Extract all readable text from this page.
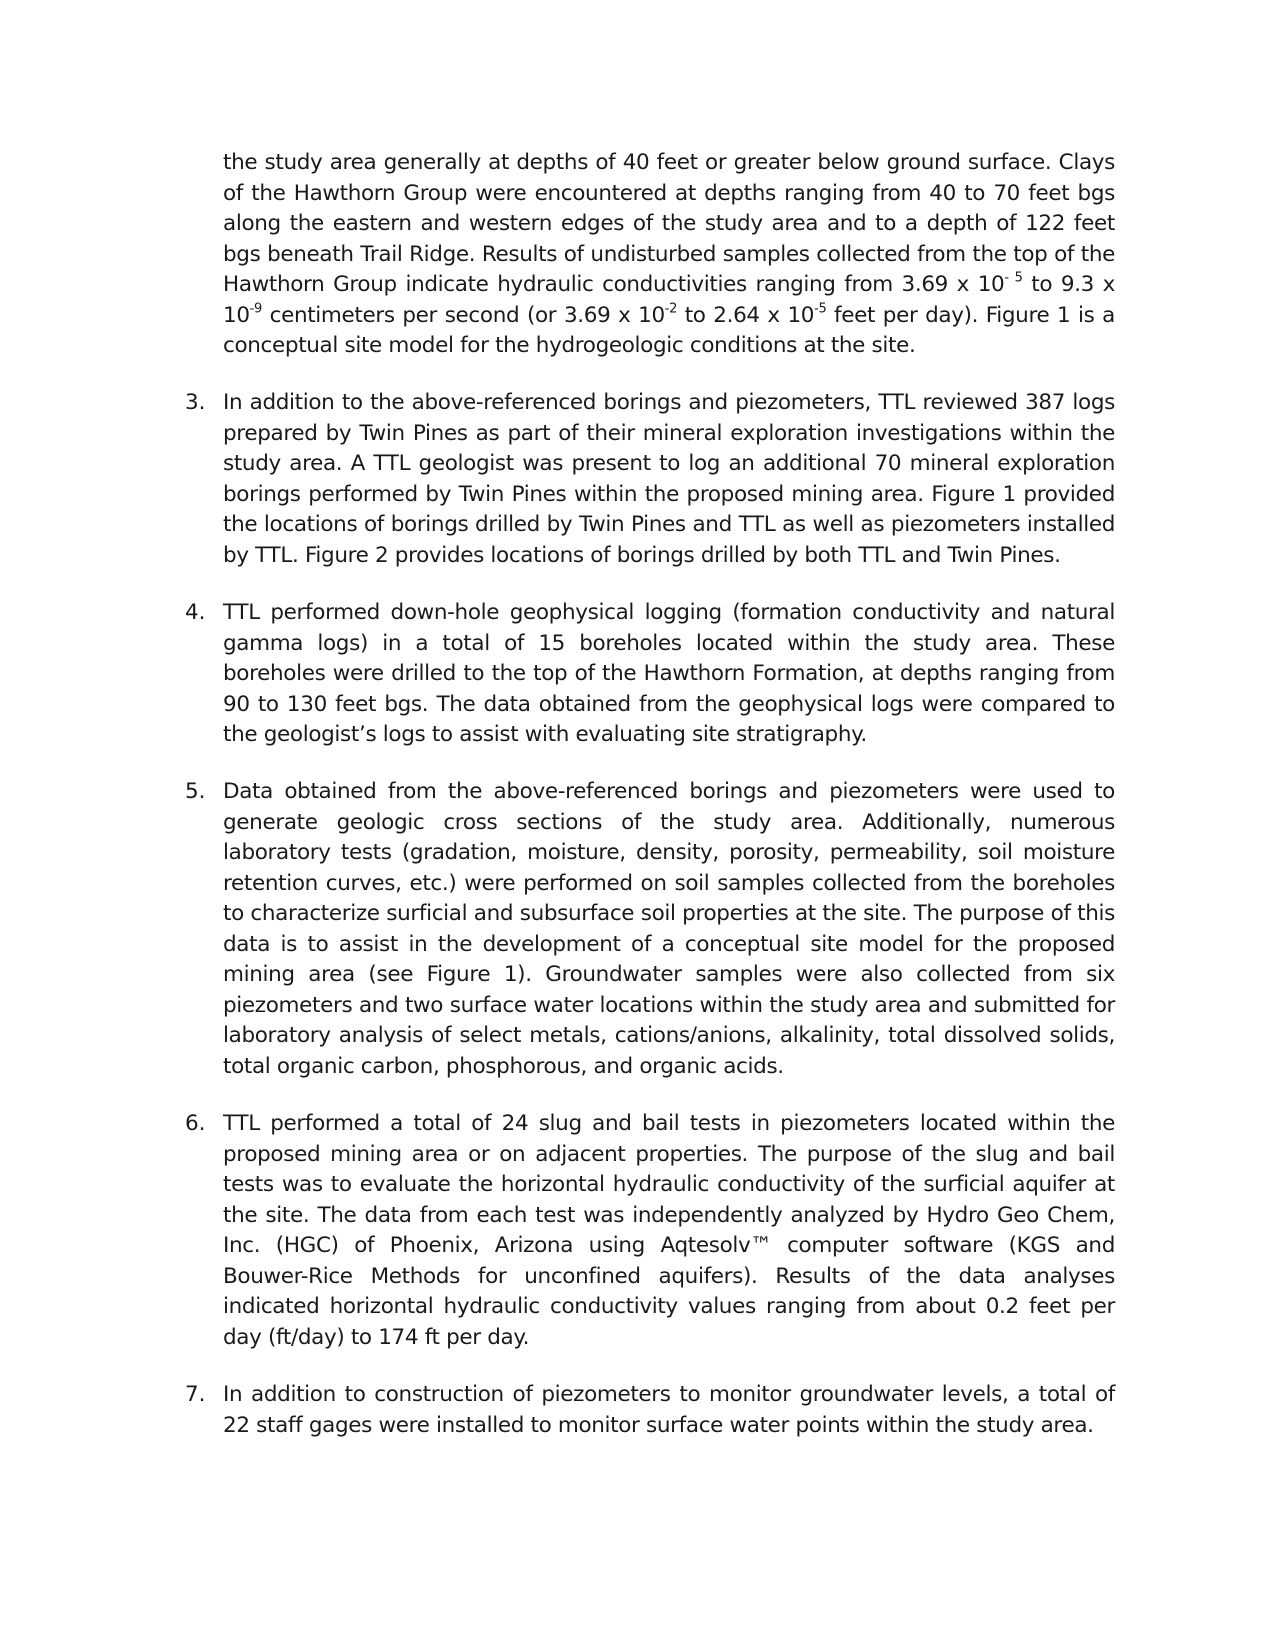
the study area generally at depths of 40 feet or greater below ground surface. Clays of the Hawthorn Group were encountered at depths ranging from 40 to 70 feet bgs along the eastern and western edges of the study area and to a depth of 122 feet bgs beneath Trail Ridge. Results of undisturbed samples collected from the top of the Hawthorn Group indicate hydraulic conductivities ranging from 3.69 x $10^{- 5}$ to 9.3 x $10^{-9}$ centimeters per second (or 3.69 x $10^{-2}$ to 2.64 x $10^{-5}$ feet per day). Figure 1 is a conceptual site model for the hydrogeologic conditions at the site.

3. In addition to the above-referenced borings and piezometers, TTL reviewed 387 logs prepared by Twin Pines as part of their mineral exploration investigations within the study area. A TTL geologist was present to log an additional 70 mineral exploration borings performed by Twin Pines within the proposed mining area. Figure 1 provided the locations of borings drilled by Twin Pines and TTL as well as piezometers installed by TTL. Figure 2 provides locations of borings drilled by both TTL and Twin Pines.

4. TTL performed down-hole geophysical logging (formation conductivity and natural gamma logs) in a total of 15 boreholes located within the study area. These boreholes were drilled to the top of the Hawthorn Formation, at depths ranging from 90 to 130 feet bgs. The data obtained from the geophysical logs were compared to the geologist’s logs to assist with evaluating site stratigraphy.

5. Data obtained from the above-referenced borings and piezometers were used to generate geologic cross sections of the study area. Additionally, numerous laboratory tests (gradation, moisture, density, porosity, permeability, soil moisture retention curves, etc.) were performed on soil samples collected from the boreholes to characterize surficial and subsurface soil properties at the site. The purpose of this data is to assist in the development of a conceptual site model for the proposed mining area (see Figure 1). Groundwater samples were also collected from six piezometers and two surface water locations within the study area and submitted for laboratory analysis of select metals, cations/anions, alkalinity, total dissolved solids, total organic carbon, phosphorous, and organic acids.

6. TTL performed a total of 24 slug and bail tests in piezometers located within the proposed mining area or on adjacent properties. The purpose of the slug and bail tests was to evaluate the horizontal hydraulic conductivity of the surficial aquifer at the site. The data from each test was independently analyzed by Hydro Geo Chem, Inc. (HGC) of Phoenix, Arizona using Aqtesolv™ computer software (KGS and Bouwer-Rice Methods for unconfined aquifers). Results of the data analyses indicated horizontal hydraulic conductivity values ranging from about 0.2 feet per day (ft/day) to 174 ft per day.

7. In addition to construction of piezometers to monitor groundwater levels, a total of 22 staff gages were installed to monitor surface water points within the study area.
